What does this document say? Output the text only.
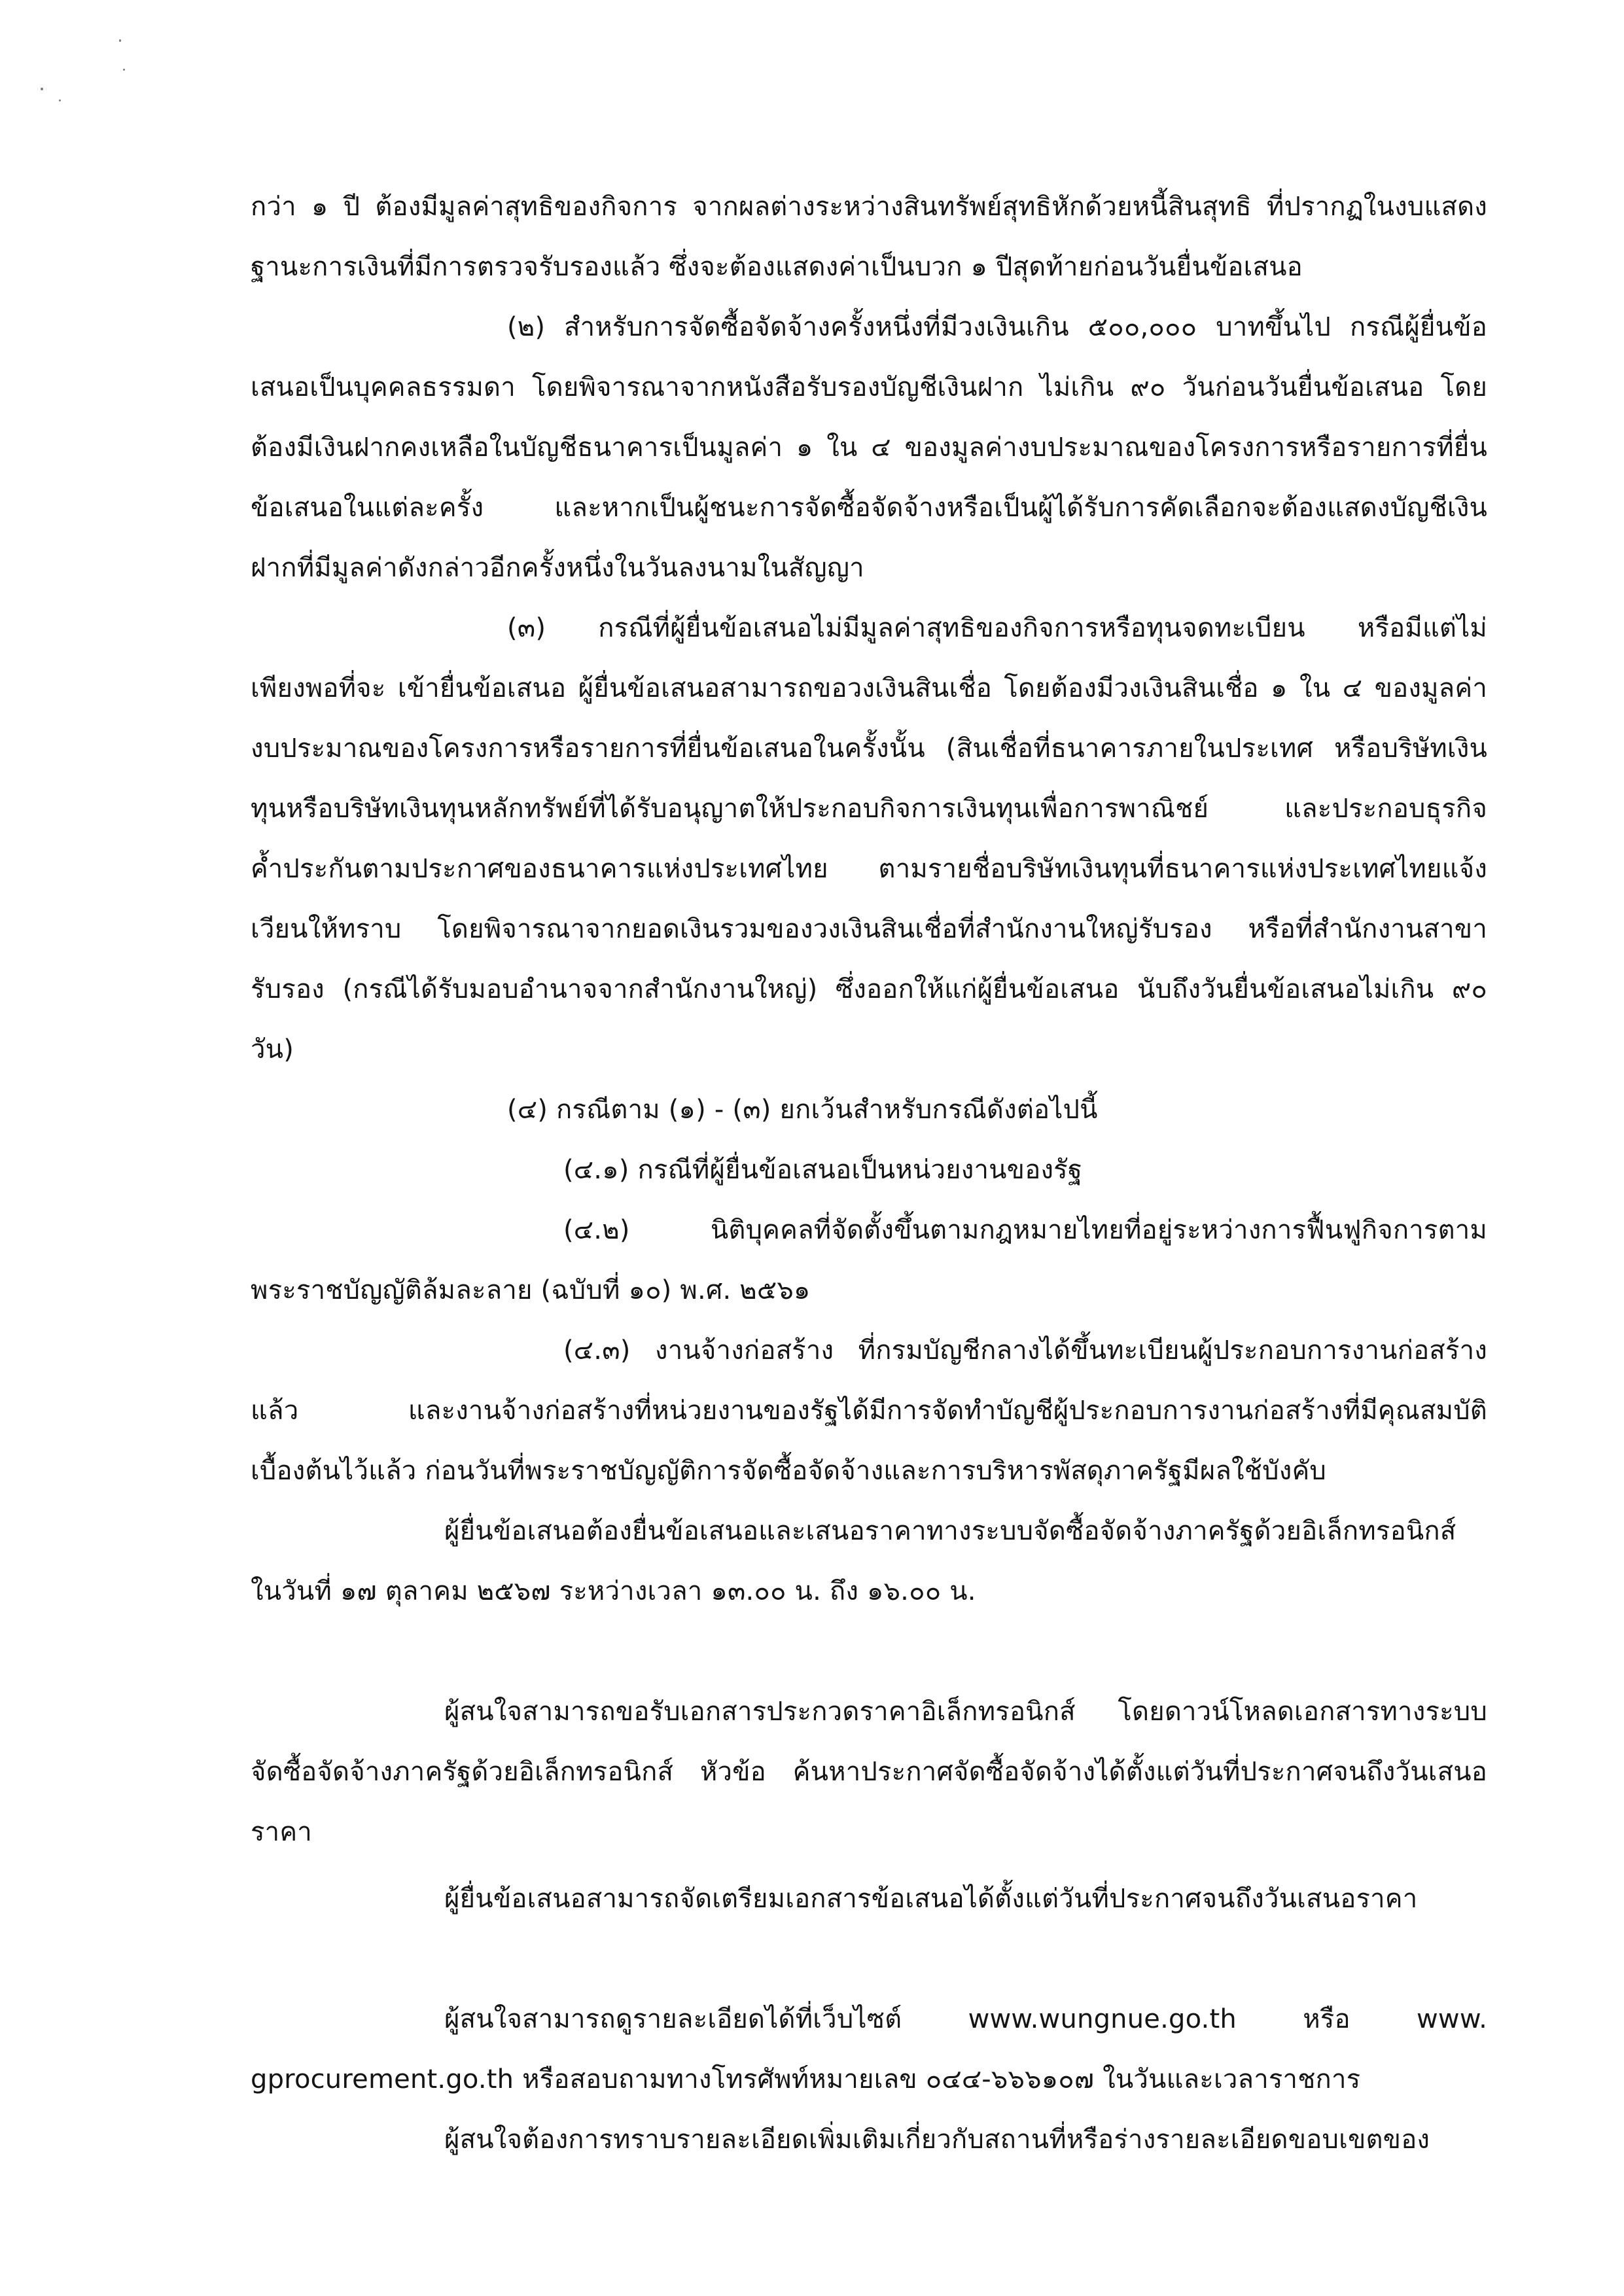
กว่า ๑ ปี ต้องมีมูลค่าสุทธิของกิจการ จากผลต่างระหว่างสินทรัพย์สุทธิหักด้วยหนี้สินสุทธิ ที่ปรากฏในงบแสดง
ฐานะการเงินที่มีการตรวจรับรองแล้ว ซึ่งจะต้องแสดงค่าเป็นบวก ๑ ปีสุดท้ายก่อนวันยื่นข้อเสนอ
(๒) สำหรับการจัดซื้อจัดจ้างครั้งหนึ่งที่มีวงเงินเกิน ๕๐๐,๐๐๐ บาทขึ้นไป กรณีผู้ยื่นข้อ
เสนอเป็นบุคคลธรรมดา โดยพิจารณาจากหนังสือรับรองบัญชีเงินฝาก ไม่เกิน ๙๐ วันก่อนวันยื่นข้อเสนอ โดย
ต้องมีเงินฝากคงเหลือในบัญชีธนาคารเป็นมูลค่า ๑ ใน ๔ ของมูลค่างบประมาณของโครงการหรือรายการที่ยื่น
ข้อเสนอในแต่ละครั้ง และหากเป็นผู้ชนะการจัดซื้อจัดจ้างหรือเป็นผู้ได้รับการคัดเลือกจะต้องแสดงบัญชีเงิน
ฝากที่มีมูลค่าดังกล่าวอีกครั้งหนึ่งในวันลงนามในสัญญา
(๓) กรณีที่ผู้ยื่นข้อเสนอไม่มีมูลค่าสุทธิของกิจการหรือทุนจดทะเบียน หรือมีแต่ไม่
เพียงพอที่จะ เข้ายื่นข้อเสนอ ผู้ยื่นข้อเสนอสามารถขอวงเงินสินเชื่อ โดยต้องมีวงเงินสินเชื่อ ๑ ใน ๔ ของมูลค่า
งบประมาณของโครงการหรือรายการที่ยื่นข้อเสนอในครั้งนั้น (สินเชื่อที่ธนาคารภายในประเทศ หรือบริษัทเงิน
ทุนหรือบริษัทเงินทุนหลักทรัพย์ที่ได้รับอนุญาตให้ประกอบกิจการเงินทุนเพื่อการพาณิชย์ และประกอบธุรกิจ
ค้ำประกันตามประกาศของธนาคารแห่งประเทศไทย ตามรายชื่อบริษัทเงินทุนที่ธนาคารแห่งประเทศไทยแจ้ง
เวียนให้ทราบ โดยพิจารณาจากยอดเงินรวมของวงเงินสินเชื่อที่สำนักงานใหญ่รับรอง หรือที่สำนักงานสาขา
รับรอง (กรณีได้รับมอบอำนาจจากสำนักงานใหญ่) ซึ่งออกให้แก่ผู้ยื่นข้อเสนอ นับถึงวันยื่นข้อเสนอไม่เกิน ๙๐
วัน)
(๔) กรณีตาม (๑) - (๓) ยกเว้นสำหรับกรณีดังต่อไปนี้
(๔.๑) กรณีที่ผู้ยื่นข้อเสนอเป็นหน่วยงานของรัฐ
(๔.๒) นิติบุคคลที่จัดตั้งขึ้นตามกฎหมายไทยที่อยู่ระหว่างการฟื้นฟูกิจการตาม
พระราชบัญญัติล้มละลาย (ฉบับที่ ๑๐) พ.ศ. ๒๕๖๑
(๔.๓) งานจ้างก่อสร้าง ที่กรมบัญชีกลางได้ขึ้นทะเบียนผู้ประกอบการงานก่อสร้าง
แล้ว และงานจ้างก่อสร้างที่หน่วยงานของรัฐได้มีการจัดทำบัญชีผู้ประกอบการงานก่อสร้างที่มีคุณสมบัติ
เบื้องต้นไว้แล้ว ก่อนวันที่พระราชบัญญัติการจัดซื้อจัดจ้างและการบริหารพัสดุภาครัฐมีผลใช้บังคับ
ผู้ยื่นข้อเสนอต้องยื่นข้อเสนอและเสนอราคาทางระบบจัดซื้อจัดจ้างภาครัฐด้วยอิเล็กทรอนิกส์
ในวันที่ ๑๗ ตุลาคม ๒๕๖๗ ระหว่างเวลา ๑๓.๐๐ น. ถึง ๑๖.๐๐ น.
ผู้สนใจสามารถขอรับเอกสารประกวดราคาอิเล็กทรอนิกส์ โดยดาวน์โหลดเอกสารทางระบบ
จัดซื้อจัดจ้างภาครัฐด้วยอิเล็กทรอนิกส์ หัวข้อ ค้นหาประกาศจัดซื้อจัดจ้างได้ตั้งแต่วันที่ประกาศจนถึงวันเสนอ
ราคา
ผู้ยื่นข้อเสนอสามารถจัดเตรียมเอกสารข้อเสนอได้ตั้งแต่วันที่ประกาศจนถึงวันเสนอราคา
ผู้สนใจสามารถดูรายละเอียดได้ที่เว็บไซต์ www.wungnue.go.th หรือ www.
gprocurement.go.th หรือสอบถามทางโทรศัพท์หมายเลข ๐๔๔-๖๖๖๑๐๗ ในวันและเวลาราชการ
ผู้สนใจต้องการทราบรายละเอียดเพิ่มเติมเกี่ยวกับสถานที่หรือร่างรายละเอียดขอบเขตของ
